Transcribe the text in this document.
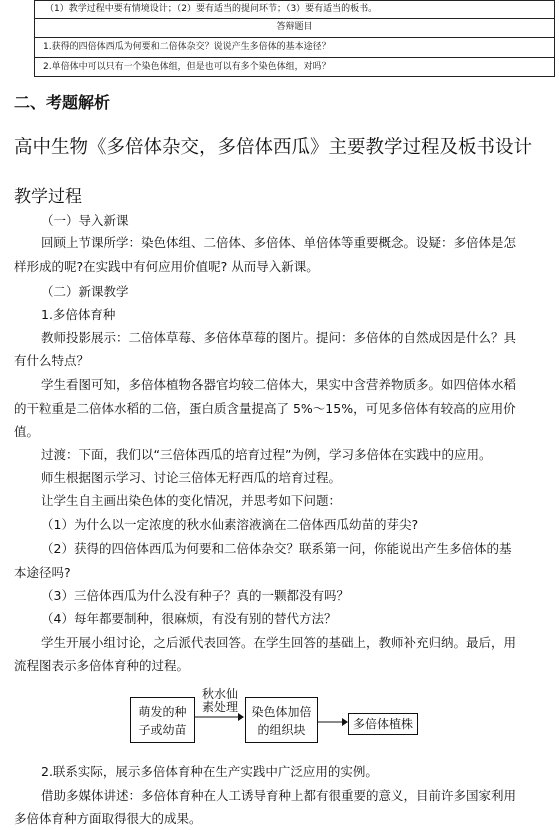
（1）教学过程中要有情境设计；（2）要有适当的提问环节；（3）要有适当的板书。
答辩题目
1.获得的四倍体西瓜为何要和二倍体杂交？说说产生多倍体的基本途径？
2.单倍体中可以只有一个染色体组，但是也可以有多个染色体组，对吗？
二、考题解析
高中生物《多倍体杂交，多倍体西瓜》主要教学过程及板书设计
教学过程
（一）导入新课
回顾上节课所学：染色体组、二倍体、多倍体、单倍体等重要概念。设疑：多倍体是怎
样形成的呢?在实践中有何应用价值呢? 从而导入新课。
（二）新课教学
1.多倍体育种
教师投影展示：二倍体草莓、多倍体草莓的图片。提问：多倍体的自然成因是什么？具
有什么特点？
学生看图可知，多倍体植物各器官均较二倍体大，果实中含营养物质多。如四倍体水稻
的干粒重是二倍体水稻的二倍，蛋白质含量提高了 5%～15%，可见多倍体有较高的应用价
值。
过渡：下面，我们以“三倍体西瓜的培育过程”为例，学习多倍体在实践中的应用。
师生根据图示学习、讨论三倍体无籽西瓜的培育过程。
让学生自主画出染色体的变化情况，并思考如下问题：
（1）为什么以一定浓度的秋水仙素溶液滴在二倍体西瓜幼苗的芽尖?
（2）获得的四倍体西瓜为何要和二倍体杂交？联系第一问，你能说出产生多倍体的基
本途径吗?
（3）三倍体西瓜为什么没有种子？真的一颗都没有吗？
（4）每年都要制种，很麻烦，有没有别的替代方法？
学生开展小组讨论，之后派代表回答。在学生回答的基础上，教师补充归纳。最后，用
流程图表示多倍体育种的过程。
萌发的种
子或幼苗
秋水仙
素处理	染色体加倍
的组织块	多倍体植株
2.联系实际，展示多倍体育种在生产实践中广泛应用的实例。
借助多媒体讲述：多倍体育种在人工诱导育种上都有很重要的意义，目前许多国家利用
多倍体育种方面取得很大的成果。
